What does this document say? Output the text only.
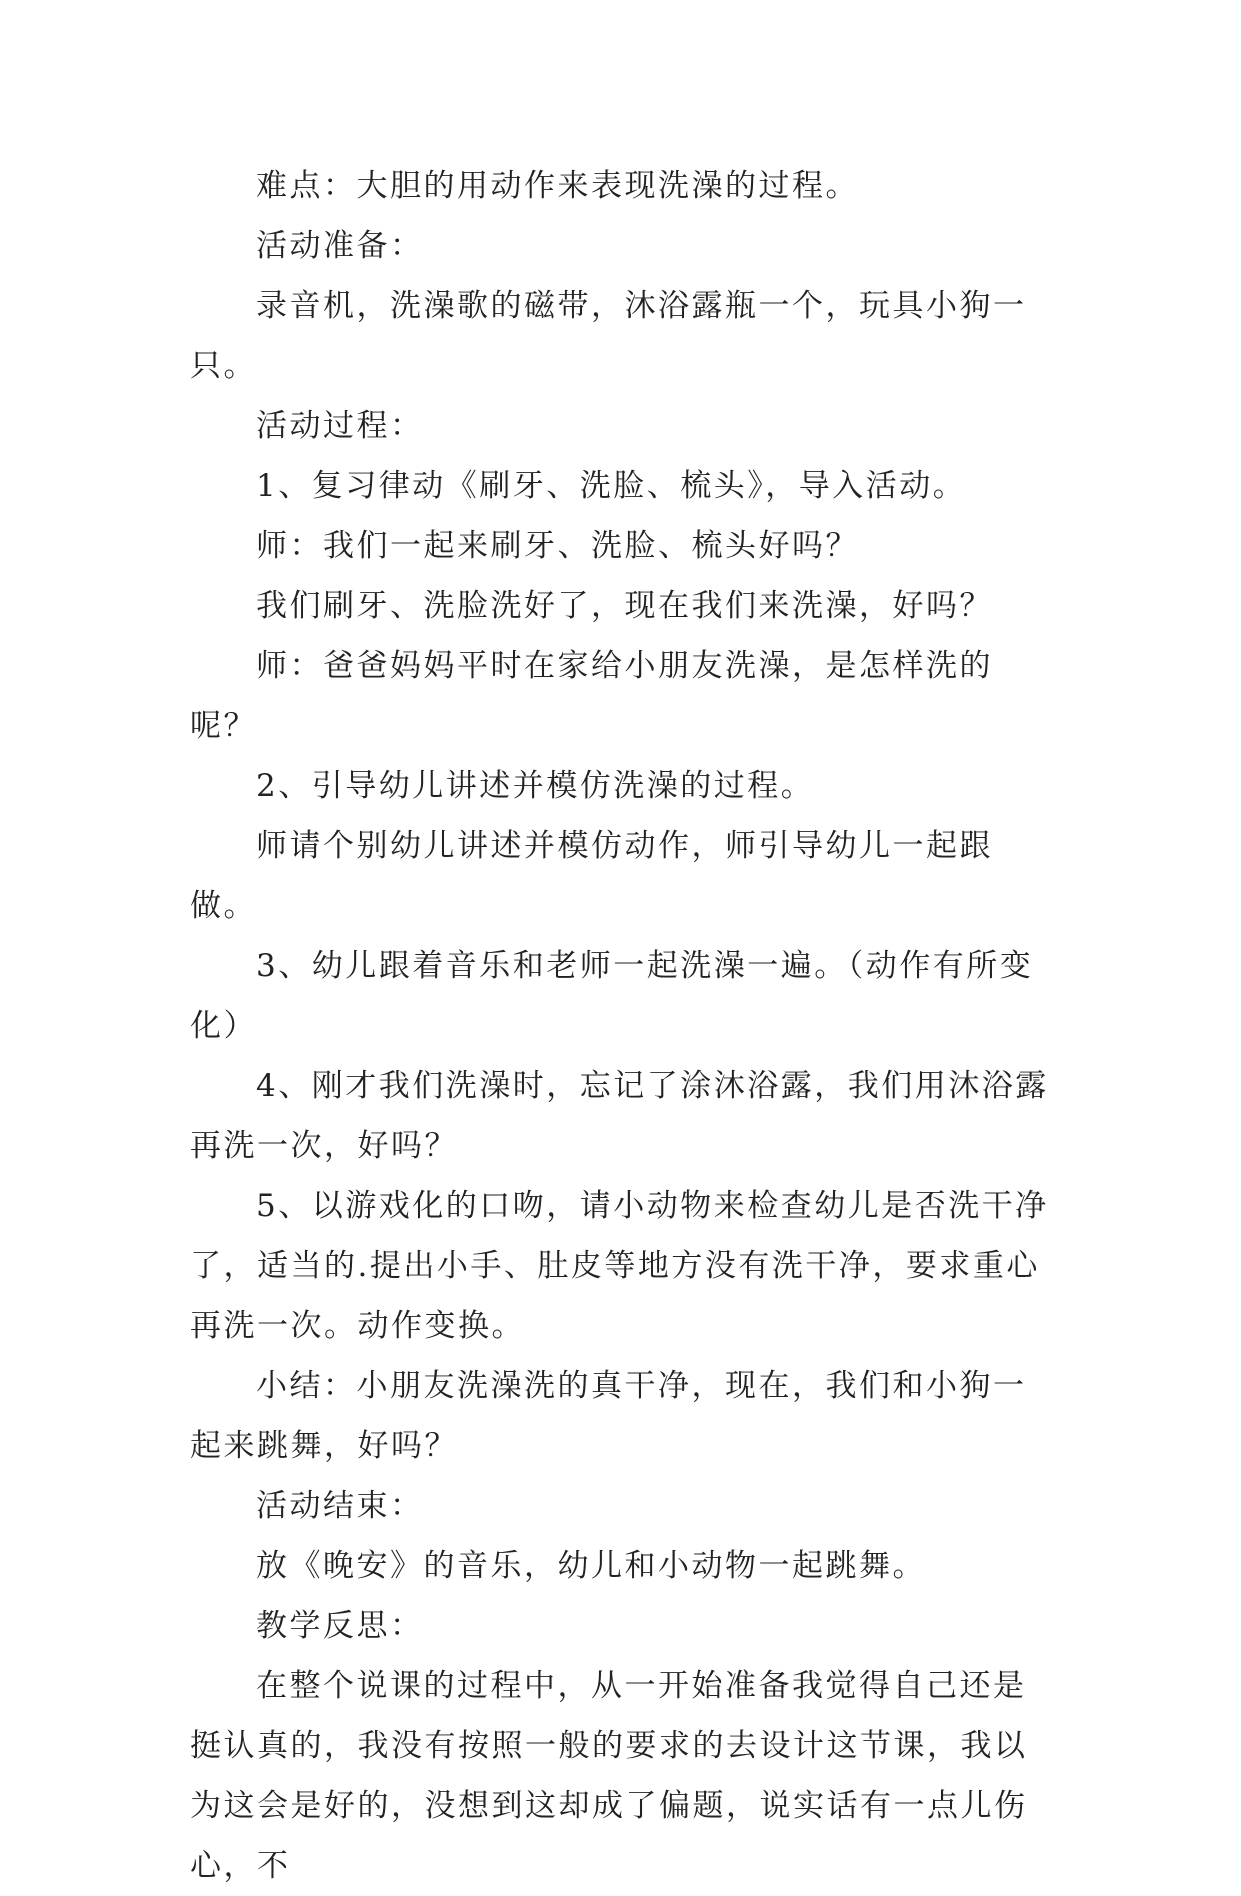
难点：大胆的用动作来表现洗澡的过程。

活动准备：

录音机，洗澡歌的磁带，沐浴露瓶一个，玩具小狗一只。

活动过程：

1、复习律动《刷牙、洗脸、梳头》，导入活动。

师：我们一起来刷牙、洗脸、梳头好吗？

我们刷牙、洗脸洗好了，现在我们来洗澡，好吗？

师：爸爸妈妈平时在家给小朋友洗澡，是怎样洗的呢？

2、引导幼儿讲述并模仿洗澡的过程。

师请个别幼儿讲述并模仿动作，师引导幼儿一起跟做。

3、幼儿跟着音乐和老师一起洗澡一遍。（动作有所变化）

4、刚才我们洗澡时，忘记了涂沐浴露，我们用沐浴露再洗一次，好吗？

5、以游戏化的口吻，请小动物来检查幼儿是否洗干净了，适当的.提出小手、肚皮等地方没有洗干净，要求重心再洗一次。动作变换。

小结：小朋友洗澡洗的真干净，现在，我们和小狗一起来跳舞，好吗？

活动结束：

放《晚安》的音乐，幼儿和小动物一起跳舞。

教学反思：

在整个说课的过程中，从一开始准备我觉得自己还是挺认真的，我没有按照一般的要求的去设计这节课，我以为这会是好的，没想到这却成了偏题，说实话有一点儿伤心，不
